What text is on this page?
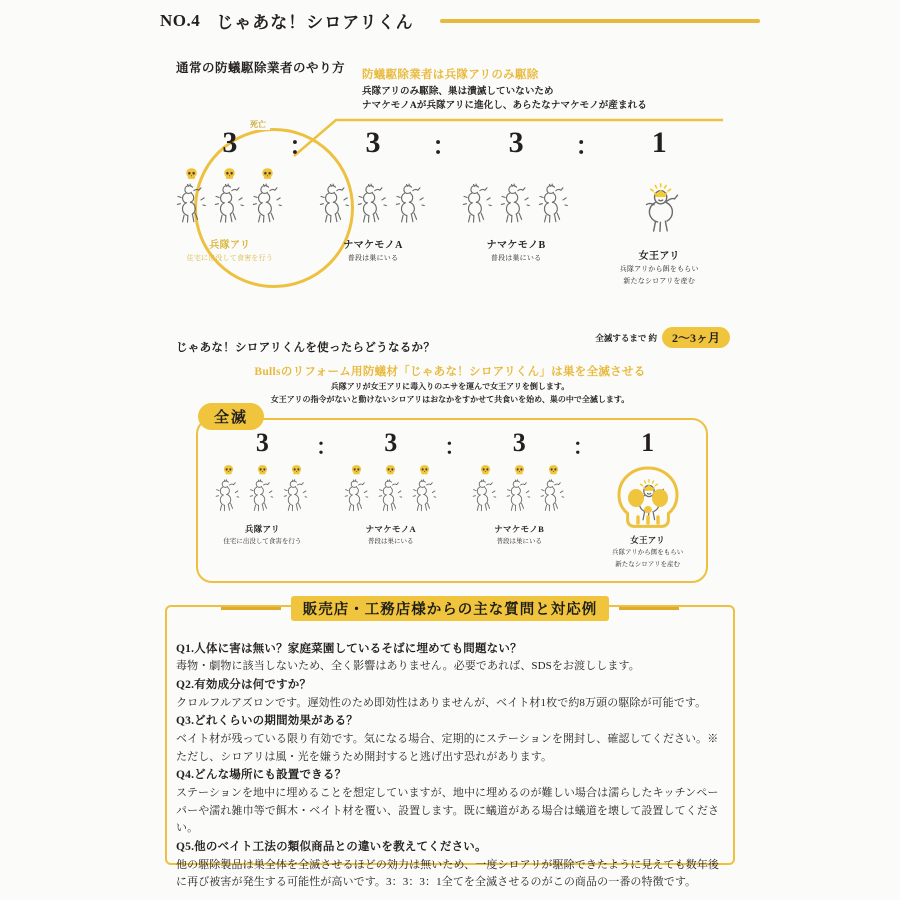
NO.4 じゃあな！シロアリくん
通常の防蟻駆除業者のやり方 防蟻駆除業者は兵隊アリのみ駆除
兵隊アリのみ駆除、巣は潰滅していないため
ナマケモノAが兵隊アリに進化し、あらたなナマケモノが産まれる
死亡
3
兵隊アリ
住宅に出没して食害を行う
：	3
ナマケモノA
普段は巣にいる
：	3
ナマケモノB
普段は巣にいる
：	1
女王アリ
兵隊アリから餌をもらい
新たなシロアリを産む
じゃあな！シロアリくんを使ったらどうなるか？
全滅するまで 約	2〜3ヶ月
Bullsのリフォーム用防蟻材「じゃあな！シロアリくん」は巣を全滅させる
兵隊アリが女王アリに毒入りのエサを運んで女王アリを倒します。
女王アリの指令がないと動けないシロアリはおなかをすかせて共食いを始め、巣の中で全滅します。
全滅
3
兵隊アリ
住宅に出没して食害を行う
：	3
ナマケモノA
普段は巣にいる
：	3
ナマケモノB
普段は巣にいる
：	1
女王アリ
兵隊アリから餌をもらい
新たなシロアリを産む
販売店・工務店様からの主な質問と対応例
Q1.人体に害は無い？家庭菜園しているそばに埋めても問題ない？
毒物・劇物に該当しないため、全く影響はありません。必要であれば、SDSをお渡しします。
Q2.有効成分は何ですか？
クロルフルアズロンです。遅効性のため即効性はありませんが、ベイト材1枚で約8万頭の駆除が可能です。
Q3.どれくらいの期間効果がある？
ベイト材が残っている限り有効です。気になる場合、定期的にステーションを開封し、確認してください。※ただし、シロアリは風・光を嫌うため開封すると逃げ出す恐れがあります。
Q4.どんな場所にも設置できる？
ステーションを地中に埋めることを想定していますが、地中に埋めるのが難しい場合は濡らしたキッチンペーパーや濡れ雑巾等で餌木・ベイト材を覆い、設置します。既に蟻道がある場合は蟻道を壊して設置してください。
Q5.他のベイト工法の類似商品との違いを教えてください。
他の駆除製品は巣全体を全滅させるほどの効力は無いため、一度シロアリが駆除できたように見えても数年後に再び被害が発生する可能性が高いです。3：3：3：1全てを全滅させるのがこの商品の一番の特徴です。
